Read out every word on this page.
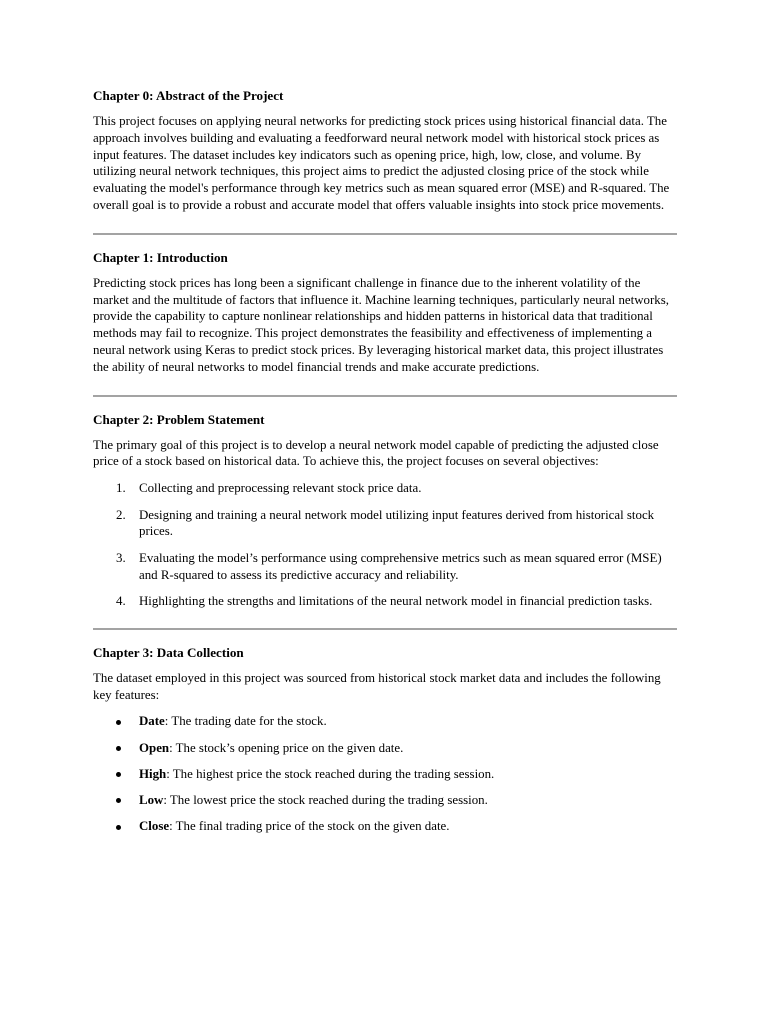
Chapter 0: Abstract of the Project

This project focuses on applying neural networks for predicting stock prices using historical financial data. The approach involves building and evaluating a feedforward neural network model with historical stock prices as input features. The dataset includes key indicators such as opening price, high, low, close, and volume. By utilizing neural network techniques, this project aims to predict the adjusted closing price of the stock while evaluating the model's performance through key metrics such as mean squared error (MSE) and R-squared. The overall goal is to provide a robust and accurate model that offers valuable insights into stock price movements.

Chapter 1: Introduction

Predicting stock prices has long been a significant challenge in finance due to the inherent volatility of the market and the multitude of factors that influence it. Machine learning techniques, particularly neural networks, provide the capability to capture nonlinear relationships and hidden patterns in historical data that traditional methods may fail to recognize. This project demonstrates the feasibility and effectiveness of implementing a neural network using Keras to predict stock prices. By leveraging historical market data, this project illustrates the ability of neural networks to model financial trends and make accurate predictions.

Chapter 2: Problem Statement

The primary goal of this project is to develop a neural network model capable of predicting the adjusted close price of a stock based on historical data. To achieve this, the project focuses on several objectives:

Collecting and preprocessing relevant stock price data.
Designing and training a neural network model utilizing input features derived from historical stock prices.
Evaluating the model’s performance using comprehensive metrics such as mean squared error (MSE) and R-squared to assess its predictive accuracy and reliability.
Highlighting the strengths and limitations of the neural network model in financial prediction tasks.
Chapter 3: Data Collection

The dataset employed in this project was sourced from historical stock market data and includes the following key features:

Date: The trading date for the stock.
Open: The stock’s opening price on the given date.
High: The highest price the stock reached during the trading session.
Low: The lowest price the stock reached during the trading session.
Close: The final trading price of the stock on the given date.
